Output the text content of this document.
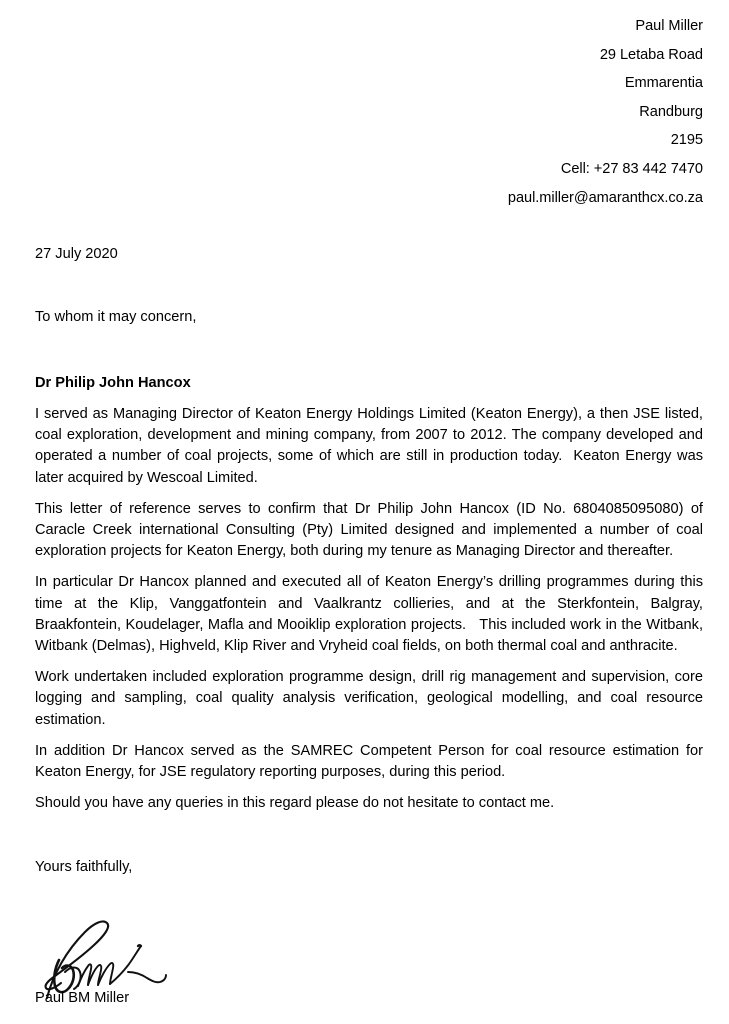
Paul Miller
29 Letaba Road
Emmarentia
Randburg
2195
Cell: +27 83 442 7470
paul.miller@amaranthcx.co.za
27 July 2020
To whom it may concern,
Dr Philip John Hancox

I served as Managing Director of Keaton Energy Holdings Limited (Keaton Energy), a then JSE listed, coal exploration, development and mining company, from 2007 to 2012. The company developed and operated a number of coal projects, some of which are still in production today.  Keaton Energy was later acquired by Wescoal Limited.

This letter of reference serves to confirm that Dr Philip John Hancox (ID No. 6804085095080) of Caracle Creek international Consulting (Pty) Limited designed and implemented a number of coal exploration projects for Keaton Energy, both during my tenure as Managing Director and thereafter.

In particular Dr Hancox planned and executed all of Keaton Energy’s drilling programmes during this time at the Klip, Vanggatfontein and Vaalkrantz collieries, and at the Sterkfontein, Balgray, Braakfontein, Koudelager, Mafla and Mooiklip exploration projects.   This included work in the Witbank, Witbank (Delmas), Highveld, Klip River and Vryheid coal fields, on both thermal coal and anthracite.

Work undertaken included exploration programme design, drill rig management and supervision, core logging and sampling, coal quality analysis verification, geological modelling, and coal resource estimation.

In addition Dr Hancox served as the SAMREC Competent Person for coal resource estimation for Keaton Energy, for JSE regulatory reporting purposes, during this period.

Should you have any queries in this regard please do not hesitate to contact me.

Yours faithfully,
Paul BM Miller
